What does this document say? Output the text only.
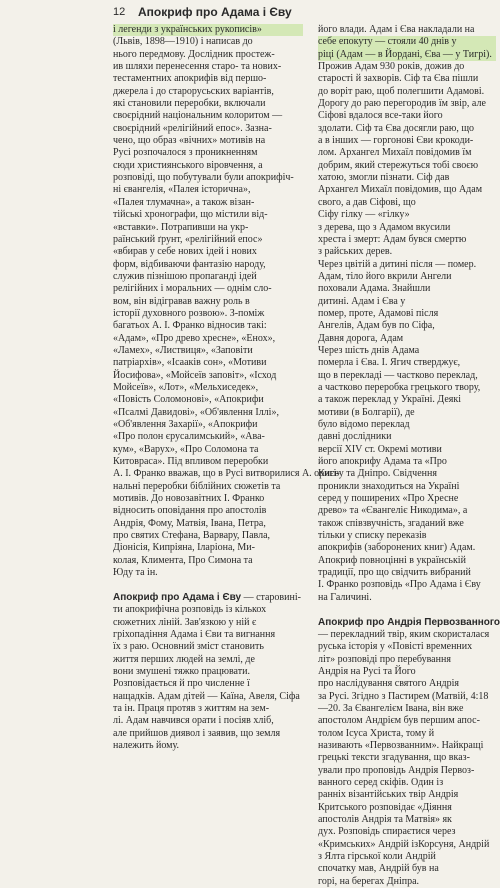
12 Апокриф про Адама і Єву
і легенди з українських рукописів»
(Львів, 1898—1910) і написав до
нього передмову. Дослідник простеж-
ив шляхи перенесення старо- та нових-
тестаментних апокрифів від першо-
джерела і до старорусьских варіантів,
які становили переробки, включали
своєрідний національним колоритом —
своєрідний «релігійний епос». Зазна-
чено, що образ «вічних» мотивів на
Русі розпочалося з проникненням
сюди християнського віровчення, а
розповіді, що побутували були апокрифіч-
ні євангелія, «Палея історична»,
«Палея тлумачна», а також візан-
тійські хронографи, що містили від-
«вставки». Потрапивши на укр-
раїнський ґрунт, «релігійний епос»
«вбирав у себе нових ідей і нових
форм, відбиваючи фантазію народу,
служив пізнішою пропаганді ідей
релігійних і моральних — однім сло-
вом, він відігравав важну роль в
історії духовного розвою». З-поміж
багатьох А. І. Франко відносив такі:
«Адам», «Про древо хресне», «Енох»,
«Ламех», «Листвиця», «Заповіти
патріархів», «Ісаакiв сон», «Мотиви
Йосифова», «Мойсеїв заповіт», «Ісход
Мойсеїв», «Лот», «Мельхиседек»,
«Повість Соломонові», «Апокрифи
«Псалмі Давидові», «Об'явлення Іллі»,
«Об'явлення Захарії», «Апокрифи
«Про полон єрусалимський», «Ава-
кум», «Варух», «Про Соломона та
Китовраса». Під впливом переробки
А. І. Франко вважав, що в Русі витворилися А. оригі-
нальні переробки біблійних сюжетів та
мотивів. До новозавітних І. Франко
відносить оповідання про апостолів
Андрія, Фому, Матвія, Івана, Петра,
про святих Стефана, Варвару, Павла,
Діонісія, Кипріяна, Іларіона, Ми-
колая, Климента, Про Симона та
Юду та ін.
Апокриф про Адама і Єву — старовині-
ти апокрифічна розповідь із кількох
сюжетних ліній. Зав'язкою у ній є
гріхопадіння Адама і Єви та вигнання
їх з раю. Основний зміст становить
життя перших людей на землі, де
вони змушені тяжко працювати.
Розповідається й про численне ї
нащадків. Адам дітей — Каїна, Авеля, Сіфа
та ін. Праця протяв з життям на зем-
лі. Адам навчився орати і посіяв хліб,
але прийшов диявол і заявив, що земля
належить йому.
його влади. Адам і Єва накладали на
себе епокуту — стояли 40 днів у
ріці (Адам — в Йордані, Єва — у Тигрі).
Прожив Адам 930 років, дожив до
старості й захворів. Сіф та Єва пішли
до воріт раю, щоб полегшити Адамові.
Дорогу до раю перегородив їм звір, але
Сіфові вдалося все-таки його
здолати. Сіф та Єва досягли раю, що
а в інших — горгонові Єви крокоди-
лом. Архангел Михаїл повідомив їм
добрим, який стережуться тобі своєю
хатою, змогли пізнати. Сіф дав
Архангел Михаїл повідомив, що Адам
свого, а дав Сіфові, що
Сіфу гілку — «гілку»
з дерева, що з Адамом вкусили
хреста і змерт: Адам бувся смертю
з райських дерев.
Через цвітій а дитині після — помер.
Адам, тіло його вкрили Ангели
поховали Адама. Знайшли
дитині. Адам і Єва у
помер, проте, Адамові після
Ангелів, Адам був по Сіфа,
Давня дорога, Адам
Через шість днів Адама
померла і Єва. І. Ягич стверджує,
що в перекладі — частково переклад,
а частково переробка грецького твору,
а також переклад у Україні. Деякі
мотиви (в Болгарії), де
було відомо переклад
давні дослідники
версії XIV ст. Окремі мотиви
його апокрифу Адама та «Про
Києву та Дніпро. Свідчення
проникли знаходиться на Україні
серед у поширених «Про Хресне
древо» та «Євангеліє Никодима», а
також співзвучність, згаданий вже
тільки у списку переказів
апокрифів (заборонених книг) Адам.
Апокриф повноцінні в українській
традиції, про що свідчить вибраний
І. Франко розповідь «Про Адама і Єву
на Галичині.
Апокриф про Андрія Первозванного
— перекладний твір, яким скористалася
руська історія у «Повісті временних
літ» розповіді про перебування
Андрія на Русі та Його
про наслідування святого Андрія
за Русі. Згідно з Пастирем (Матвій, 4:18
—20. За Євангелієм Івана, він вже
апостолом Андрієм був першим апос-
толом Ісуса Христа, тому й
називають «Первозванним». Найкращі
грецькі тексти згадування, що вказ-
ували про проповідь Андрія Первоз-
ванного серед скіфів. Один із
ранніх візантійських твір Андрія
Критського розповідає «Діяння
апостолів Андрія та Матвія» як
дух. Розповідь спираєтися через
«Кримських» Андрій ізКорсуня, Андрій
з Ялта гірської коли Андрій
спочатку мав, Андрій був на
горі, на берегах Дніпра.
